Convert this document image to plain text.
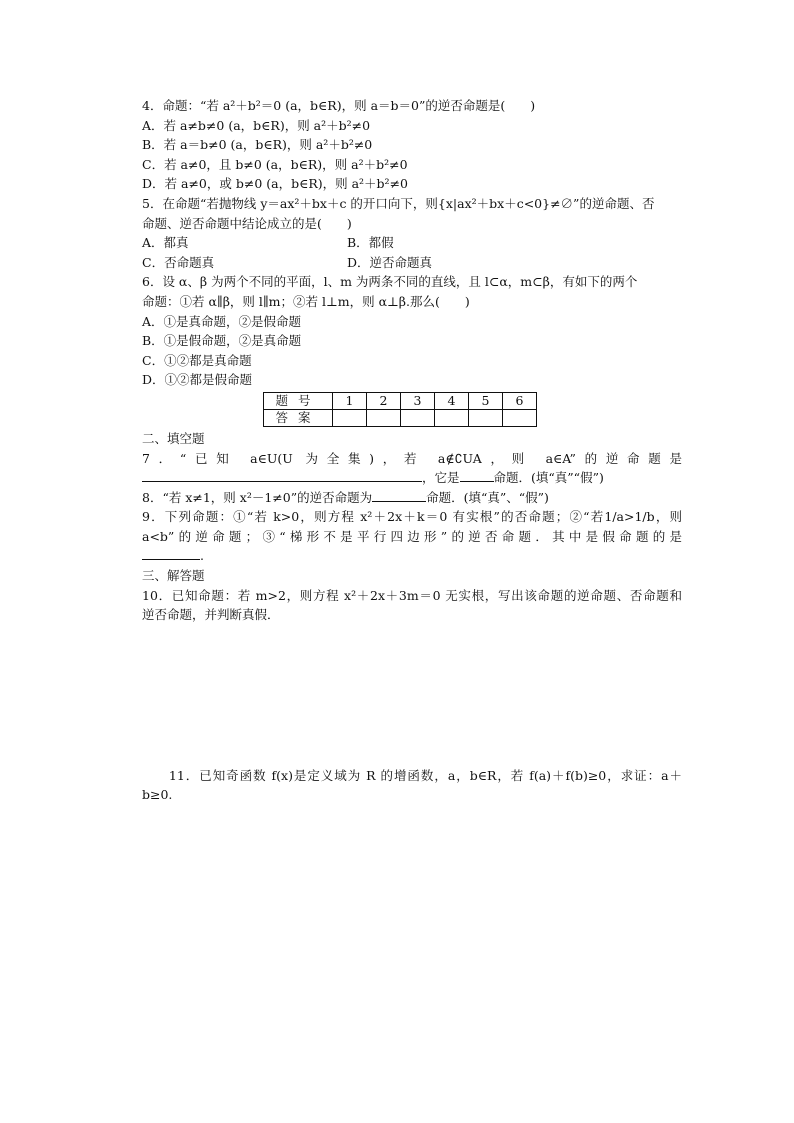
4．命题：“若 a²＋b²＝0 (a，b∈R)，则 a＝b＝0”的逆否命题是(　　)
A．若 a≠b≠0 (a，b∈R)，则 a²＋b²≠0
B．若 a＝b≠0 (a，b∈R)，则 a²＋b²≠0
C．若 a≠0，且 b≠0 (a，b∈R)，则 a²＋b²≠0
D．若 a≠0，或 b≠0 (a，b∈R)，则 a²＋b²≠0
5．在命题“若抛物线 y＝ax²＋bx＋c 的开口向下，则{x|ax²＋bx＋c<0}≠∅”的逆命题、否
命题、逆否命题中结论成立的是(　　)
A．都真	B．都假
C．否命题真	D．逆否命题真
6．设 α、β 为两个不同的平面，l、m 为两条不同的直线，且 l⊂α，m⊂β，有如下的两个
命题：①若 α∥β，则 l∥m；②若 l⊥m，则 α⊥β.那么(　　)
A．①是真命题，②是假命题
B．①是假命题，②是真命题
C．①②都是真命题
D．①②都是假命题
题号	1	2	3	4	5	6
答案						
二、填空题
7．“已知 a∈U(U 为全集)，若 a∉∁UA，则 a∈A”的逆命题是
，它是	命题．(填“真”“假”)
8．“若 x≠1，则 x²－1≠0”的逆否命题为	命题．(填“真”、“假”)
9．下列命题：①“若 k>0，则方程 x²＋2x＋k＝0 有实根”的否命题；②“若1/a>1/b，则
a<b”的逆命题；③“梯形不是平行四边形”的逆否命题．其中是假命题的是
.
三、解答题
10．已知命题：若 m>2，则方程 x²＋2x＋3m＝0 无实根，写出该命题的逆命题、否命题和
逆否命题，并判断真假．
　　11．已知奇函数 f(x)是定义域为 R 的增函数，a，b∈R，若 f(a)＋f(b)≥0，求证：a＋
b≥0.
